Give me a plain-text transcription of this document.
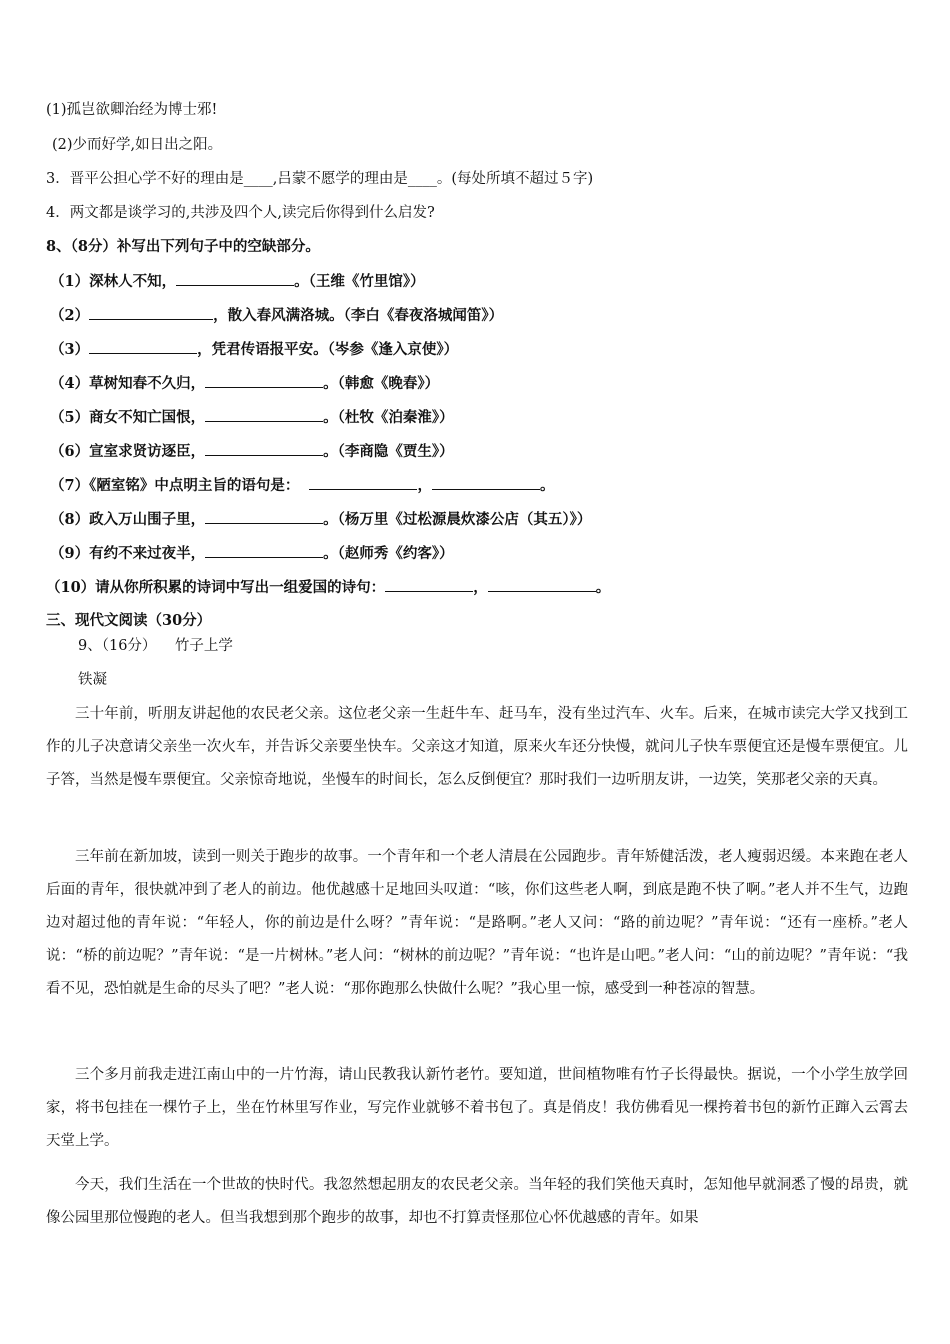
(1)孤岂欲卿治经为博士邪!
(2)少而好学,如日出之阳。
3．晋平公担心学不好的理由是____,吕蒙不愿学的理由是____。(每处所填不超过５字)
4．两文都是谈学习的,共涉及四个人,读完后你得到什么启发?
8、（8分）补写出下列句子中的空缺部分。
（1）深林人不知，	。（王维《竹里馆》）
（2）	，散入春风满洛城。（李白《春夜洛城闻笛》）
（3）	，凭君传语报平安。（岑参《逢入京使》）
（4）草树知春不久归，	。（韩愈《晚春》）
（5）商女不知亡国恨，	。（杜牧《泊秦淮》）
（6）宣室求贤访逐臣，	。（李商隐《贾生》）
（7）《陋室铭》中点明主旨的语句是：	，	。
（8）政入万山围子里，	。（杨万里《过松源晨炊漆公店（其五）》）
（9）有约不来过夜半，	。（赵师秀《约客》）
（10）请从你所积累的诗词中写出一组爱国的诗句：	，	。
三、现代文阅读（30分）
9、（16分） 竹子上学
铁凝
三十年前，听朋友讲起他的农民老父亲。这位老父亲一生赶牛车、赶马车，没有坐过汽车、火车。后来，在城市读完大学又找到工作的儿子决意请父亲坐一次火车，并告诉父亲要坐快车。父亲这才知道，原来火车还分快慢，就问儿子快车票便宜还是慢车票便宜。儿子答，当然是慢车票便宜。父亲惊奇地说，坐慢车的时间长，怎么反倒便宜？那时我们一边听朋友讲，一边笑，笑那老父亲的天真。
三年前在新加坡，读到一则关于跑步的故事。一个青年和一个老人清晨在公园跑步。青年矫健活泼，老人瘦弱迟缓。本来跑在老人后面的青年，很快就冲到了老人的前边。他优越感十足地回头叹道：“咳，你们这些老人啊，到底是跑不快了啊。”老人并不生气，边跑边对超过他的青年说：“年轻人，你的前边是什么呀？”青年说：“是路啊。”老人又问：“路的前边呢？”青年说：“还有一座桥。”老人说：“桥的前边呢？”青年说：“是一片树林。”老人问：“树林的前边呢？”青年说：“也许是山吧。”老人问：“山的前边呢？”青年说：“我看不见，恐怕就是生命的尽头了吧？”老人说：“那你跑那么快做什么呢？”我心里一惊，感受到一种苍凉的智慧。
三个多月前我走进江南山中的一片竹海，请山民教我认新竹老竹。要知道，世间植物唯有竹子长得最快。据说，一个小学生放学回家，将书包挂在一棵竹子上，坐在竹林里写作业，写完作业就够不着书包了。真是俏皮！我仿佛看见一棵挎着书包的新竹正蹿入云霄去天堂上学。
今天，我们生活在一个世故的快时代。我忽然想起朋友的农民老父亲。当年轻的我们笑他天真时，怎知他早就洞悉了慢的昂贵，就像公园里那位慢跑的老人。但当我想到那个跑步的故事，却也不打算责怪那位心怀优越感的青年。如果
